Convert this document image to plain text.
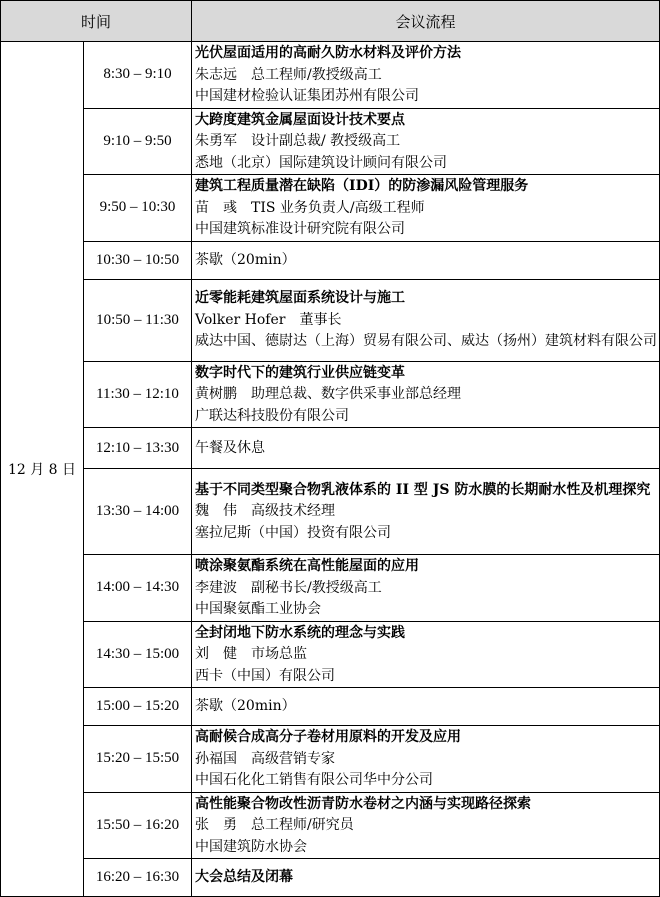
时间		会议流程
12 月 8 日	8:30 – 9:10	光伏屋面适用的高耐久防水材料及评价方法
朱志远 总工程师/教授级高工
中国建材检验认证集团苏州有限公司

	9:10 – 9:50	大跨度建筑金属屋面设计技术要点
朱勇军 设计副总裁/ 教授级高工
悉地（北京）国际建筑设计顾问有限公司

	9:50 – 10:30	建筑工程质量潜在缺陷（IDI）的防渗漏风险管理服务
苗　彧 TIS 业务负责人/高级工程师
中国建筑标准设计研究院有限公司

	10:30 – 10:50	茶歇（20min）

	10:50 – 11:30	近零能耗建筑屋面系统设计与施工
Volker Hofer 董事长
威达中国、德尉达（上海）贸易有限公司、威达（扬州）建筑材料有限公司

	11:30 – 12:10	数字时代下的建筑行业供应链变革
黄树鹏 助理总裁、数字供采事业部总经理
广联达科技股份有限公司

	12:10 – 13:30	午餐及休息

	13:30 – 14:00	基于不同类型聚合物乳液体系的 II 型 JS 防水膜的长期耐水性及机理探究
魏　伟 高级技术经理
塞拉尼斯（中国）投资有限公司

	14:00 – 14:30	喷涂聚氨酯系统在高性能屋面的应用
李建波 副秘书长/教授级高工
中国聚氨酯工业协会

	14:30 – 15:00	全封闭地下防水系统的理念与实践
刘　健 市场总监
西卡（中国）有限公司

	15:00 – 15:20	茶歇（20min）

	15:20 – 15:50	高耐候合成高分子卷材用原料的开发及应用
孙福国 高级营销专家
中国石化化工销售有限公司华中分公司

	15:50 – 16:20	高性能聚合物改性沥青防水卷材之内涵与实现路径探索
张　勇 总工程师/研究员
中国建筑防水协会

	16:20 – 16:30	大会总结及闭幕
